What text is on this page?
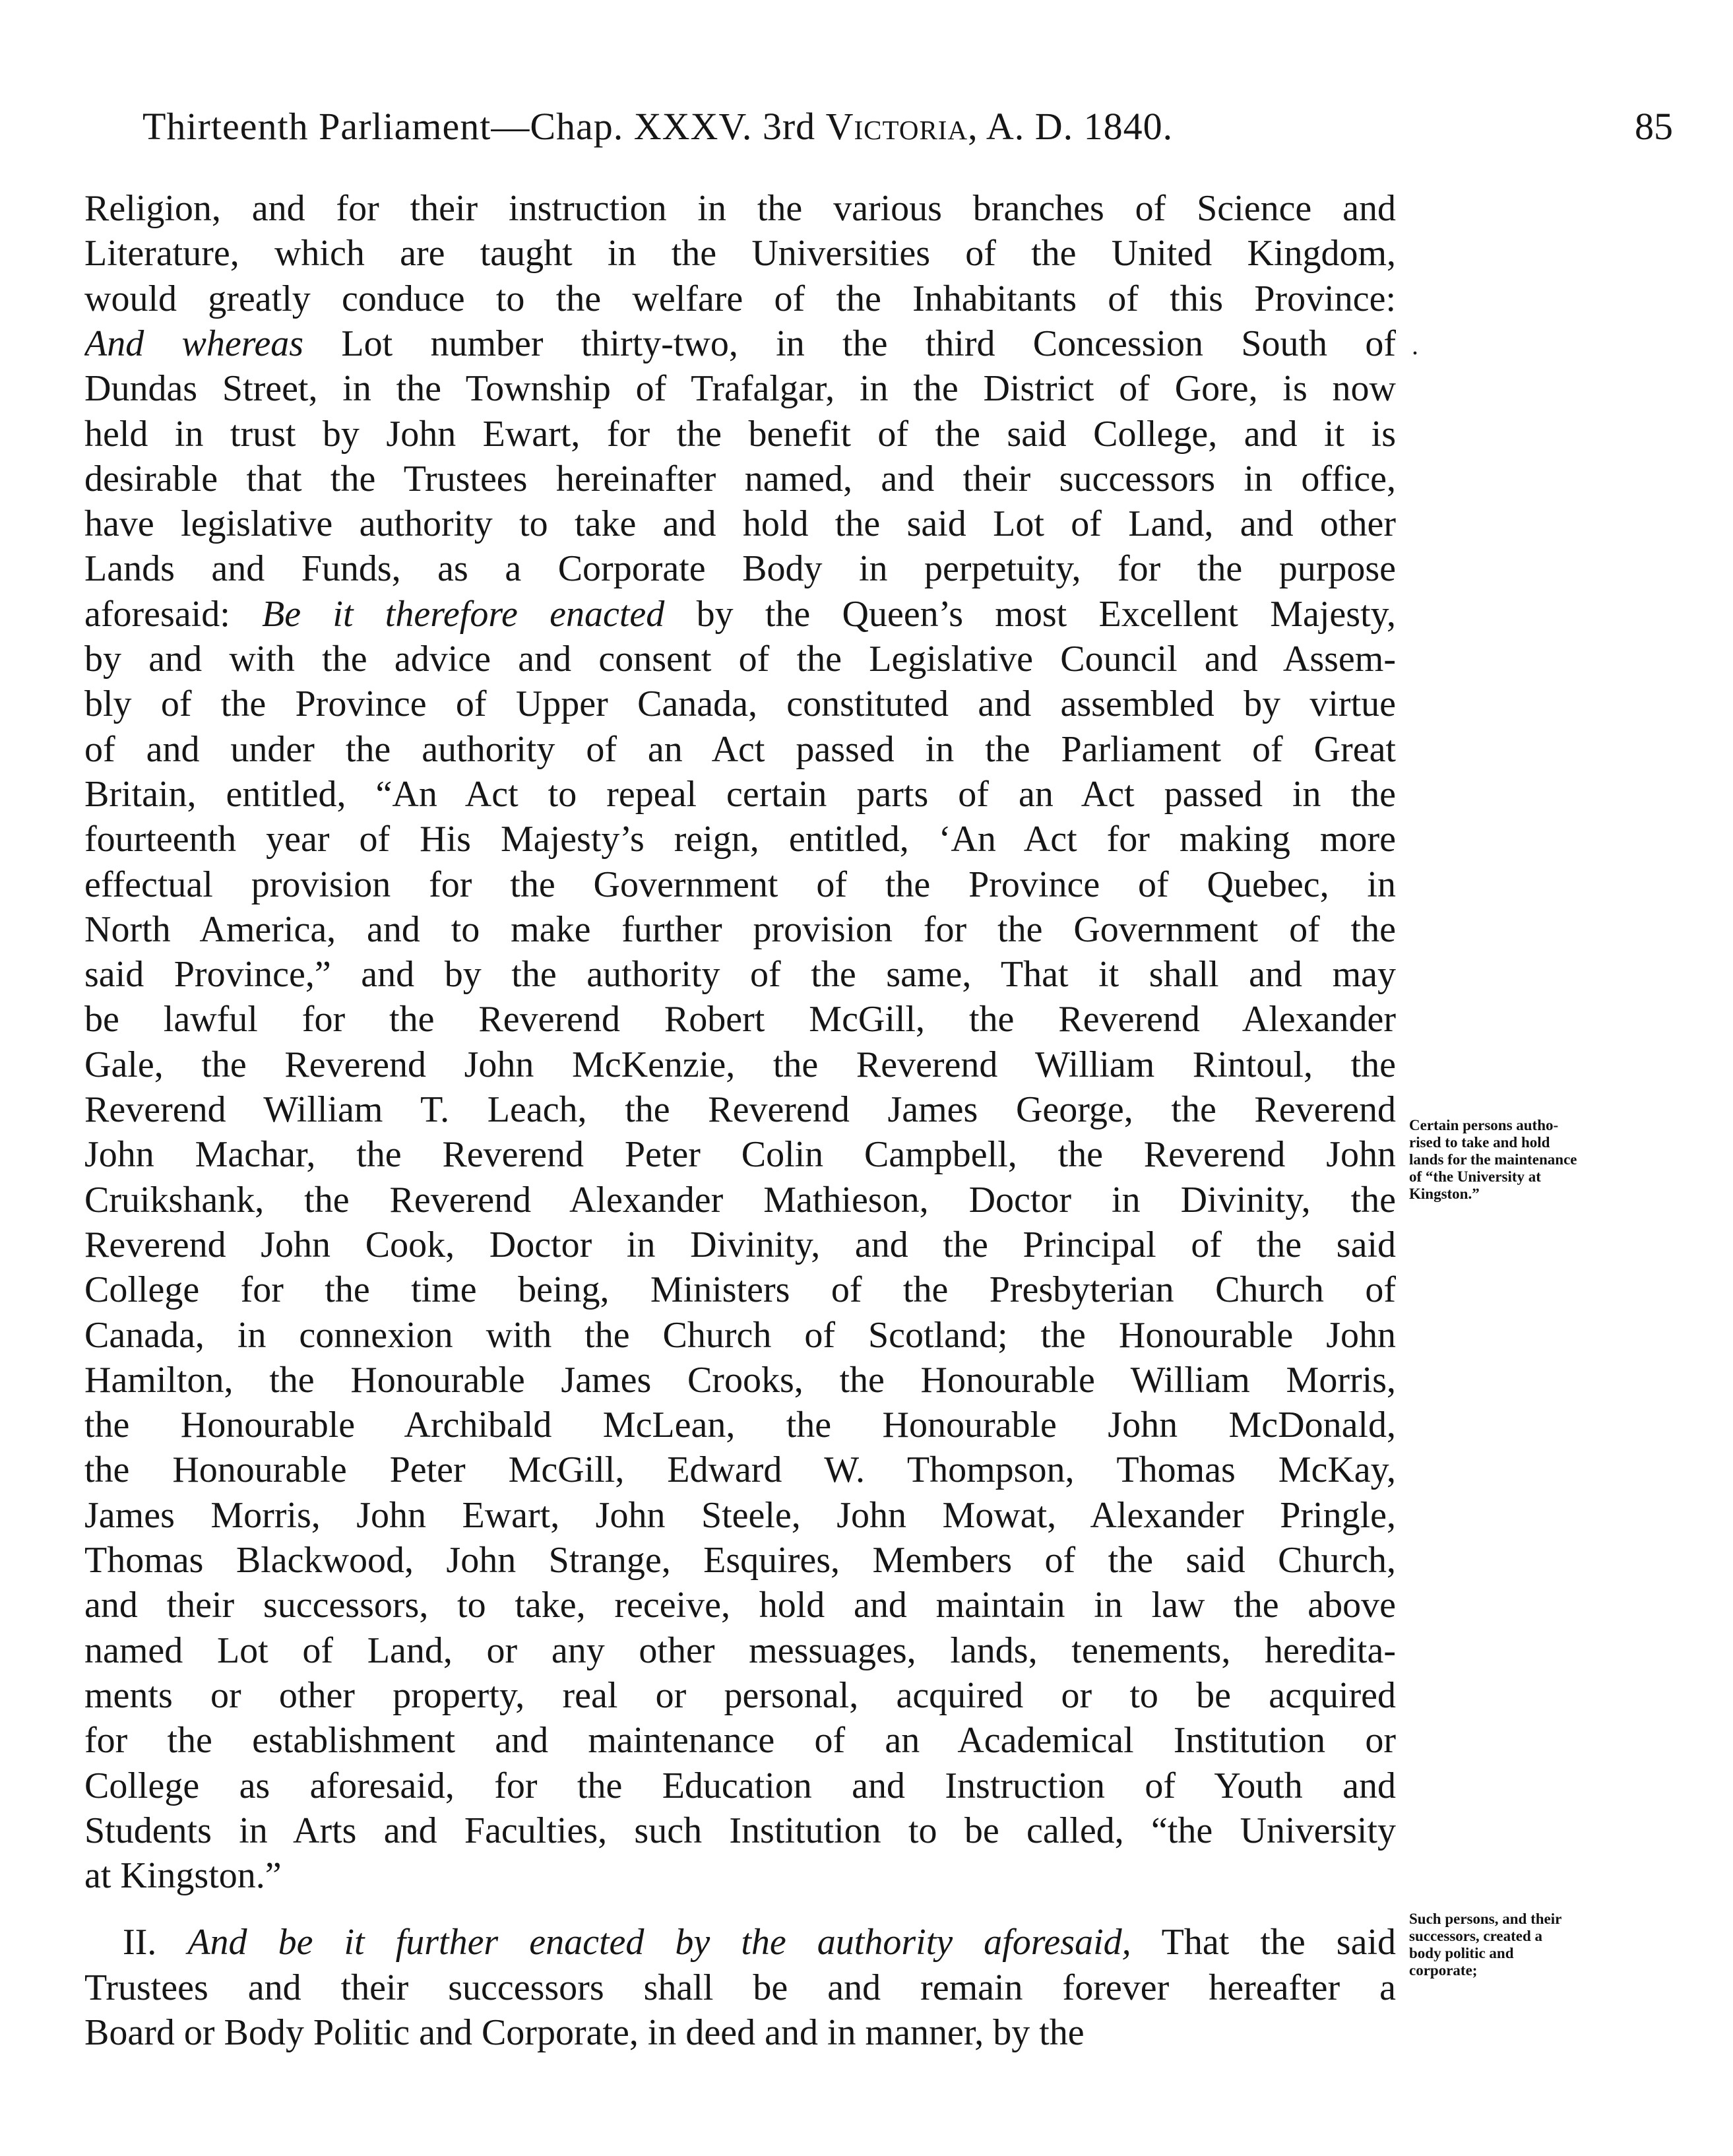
Thirteenth Parliament—Chap. XXXV. 3rd Victoria, A. D. 1840.	85
Religion, and for their instruction in the various branches of Science and
Literature, which are taught in the Universities of the United Kingdom,
would greatly conduce to the welfare of the Inhabitants of this Province:
And whereas Lot number thirty-two, in the third Concession South of
Dundas Street, in the Township of Trafalgar, in the District of Gore, is now
held in trust by John Ewart, for the benefit of the said College, and it is
desirable that the Trustees hereinafter named, and their successors in office,
have legislative authority to take and hold the said Lot of Land, and other
Lands and Funds, as a Corporate Body in perpetuity, for the purpose
aforesaid: Be it therefore enacted by the Queen’s most Excellent Majesty,
by and with the advice and consent of the Legislative Council and Assem-
bly of the Province of Upper Canada, constituted and assembled by virtue
of and under the authority of an Act passed in the Parliament of Great
Britain, entitled, “An Act to repeal certain parts of an Act passed in the
fourteenth year of His Majesty’s reign, entitled, ‘An Act for making more
effectual provision for the Government of the Province of Quebec, in
North America, and to make further provision for the Government of the
said Province,” and by the authority of the same, That it shall and may
be lawful for the Reverend Robert McGill, the Reverend Alexander
Gale, the Reverend John McKenzie, the Reverend William Rintoul, the
Reverend William T. Leach, the Reverend James George, the Reverend
John Machar, the Reverend Peter Colin Campbell, the Reverend John
Cruikshank, the Reverend Alexander Mathieson, Doctor in Divinity, the
Reverend John Cook, Doctor in Divinity, and the Principal of the said
College for the time being, Ministers of the Presbyterian Church of
Canada, in connexion with the Church of Scotland; the Honourable John
Hamilton, the Honourable James Crooks, the Honourable William Morris,
the Honourable Archibald McLean, the Honourable John McDonald,
the Honourable Peter McGill, Edward W. Thompson, Thomas McKay,
James Morris, John Ewart, John Steele, John Mowat, Alexander Pringle,
Thomas Blackwood, John Strange, Esquires, Members of the said Church,
and their successors, to take, receive, hold and maintain in law the above
named Lot of Land, or any other messuages, lands, tenements, heredita-
ments or other property, real or personal, acquired or to be acquired
for the establishment and maintenance of an Academical Institution or
College as aforesaid, for the Education and Instruction of Youth and
Students in Arts and Faculties, such Institution to be called, “the University
at Kingston.”
II. And be it further enacted by the authority aforesaid, That the said
Trustees and their successors shall be and remain forever hereafter a
Board or Body Politic and Corporate, in deed and in manner, by the
Certain persons autho-
rised to take and hold
lands for the maintenance
of “the University at
Kingston.”
Such persons, and their
successors, created a
body politic and
corporate;
.
